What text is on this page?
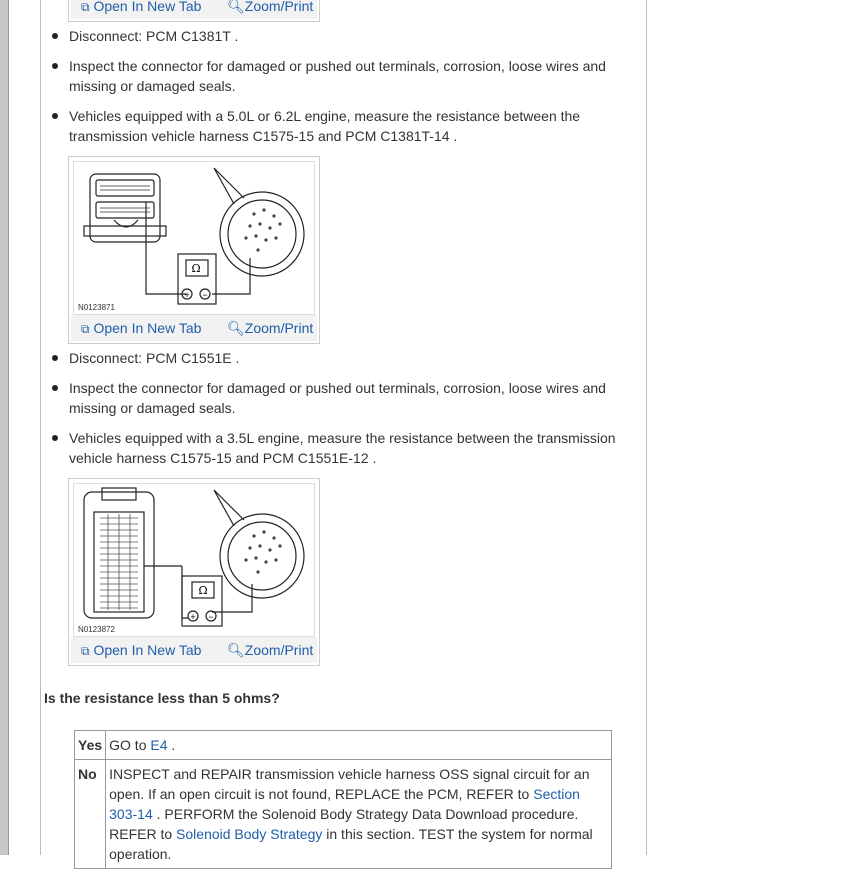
⧉ Open In New Tab 🔍︎Zoom/Print
Disconnect: PCM C1381T .
Inspect the connector for damaged or pushed out terminals, corrosion, loose wires and missing or damaged seals.
Vehicles equipped with a 5.0L or 6.2L engine, measure the resistance between the transmission vehicle harness C1575-15 and PCM C1381T-14 .
Ω
+ −
N0123871
⧉ Open In New Tab 🔍︎Zoom/Print
Disconnect: PCM C1551E .
Inspect the connector for damaged or pushed out terminals, corrosion, loose wires and missing or damaged seals.
Vehicles equipped with a 3.5L engine, measure the resistance between the transmission vehicle harness C1575-15 and PCM C1551E-12 .
Ω
+ −
N0123872
⧉ Open In New Tab 🔍︎Zoom/Print
Is the resistance less than 5 ohms?
Yes	GO to E4 .
No	INSPECT and REPAIR transmission vehicle harness OSS signal circuit for an open. If an open circuit is not found, REPLACE the PCM, REFER to Section 303-14 . PERFORM the Solenoid Body Strategy Data Download procedure. REFER to Solenoid Body Strategy in this section. TEST the system for normal operation.
